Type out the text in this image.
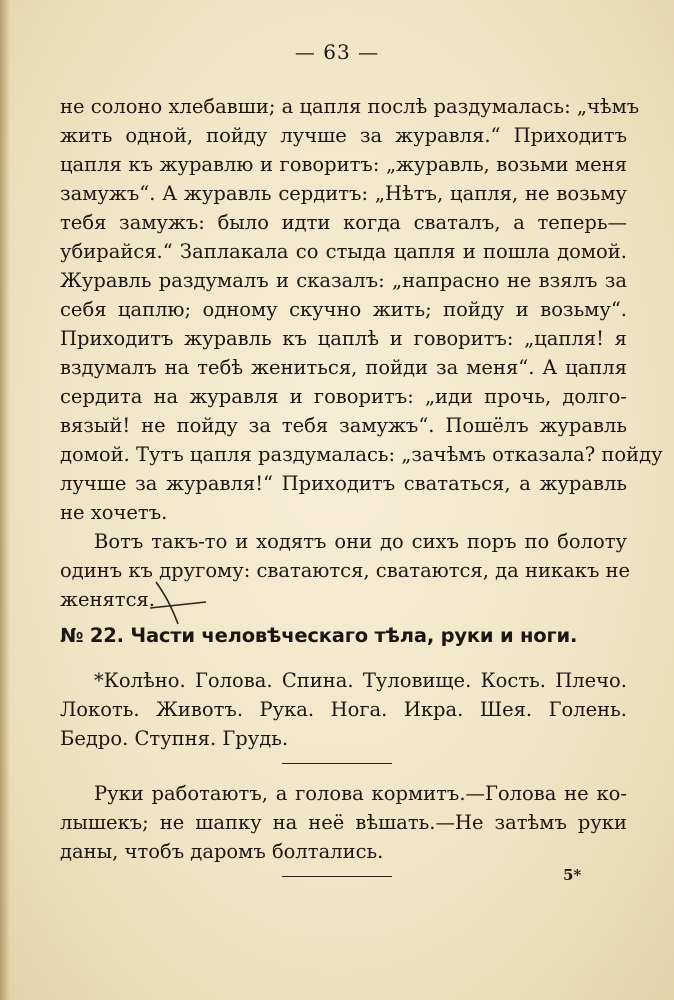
— 63 —
не солоно хлебавши; а цапля послѣ раздумалась: „чѣмъ
жить одной, пойду лучше за журавля.“ Приходитъ
цапля къ журавлю и говоритъ: „журавль, возьми меня
замужъ“. А журавль сердитъ: „Нѣтъ, цапля, не возьму
тебя замужъ: было идти когда сваталъ, а теперь—
убирайся.“ Заплакала со стыда цапля и пошла домой.
Журавль раздумалъ и сказалъ: „напрасно не взялъ за
себя цаплю; одному скучно жить; пойду и возьму“.
Приходитъ журавль къ цаплѣ и говоритъ: „цапля! я
вздумалъ на тебѣ жениться, пойди за меня“. А цапля
сердита на журавля и говоритъ: „иди прочь, долго-
вязый! не пойду за тебя замужъ“. Пошёлъ журавль
домой. Тутъ цапля раздумалась: „зачѣмъ отказала? пойду
лучше за журавля!“ Приходитъ свататься, а журавль
не хочетъ.
Вотъ такъ-то и ходятъ они до сихъ поръ по болоту
одинъ къ другому: сватаются, сватаются, да никакъ не
женятся.
№ 22. Части человѣческаго тѣла, руки и ноги.
*Колѣно. Голова. Спина. Туловище. Кость. Плечо.
Локоть. Животъ. Рука. Нога. Икра. Шея. Голень.
Бедро. Ступня. Грудь.
Руки работаютъ, а голова кормитъ.—Голова не ко-
лышекъ; не шапку на неё вѣшать.—Не затѣмъ руки
даны, чтобъ даромъ болтались.
5*
